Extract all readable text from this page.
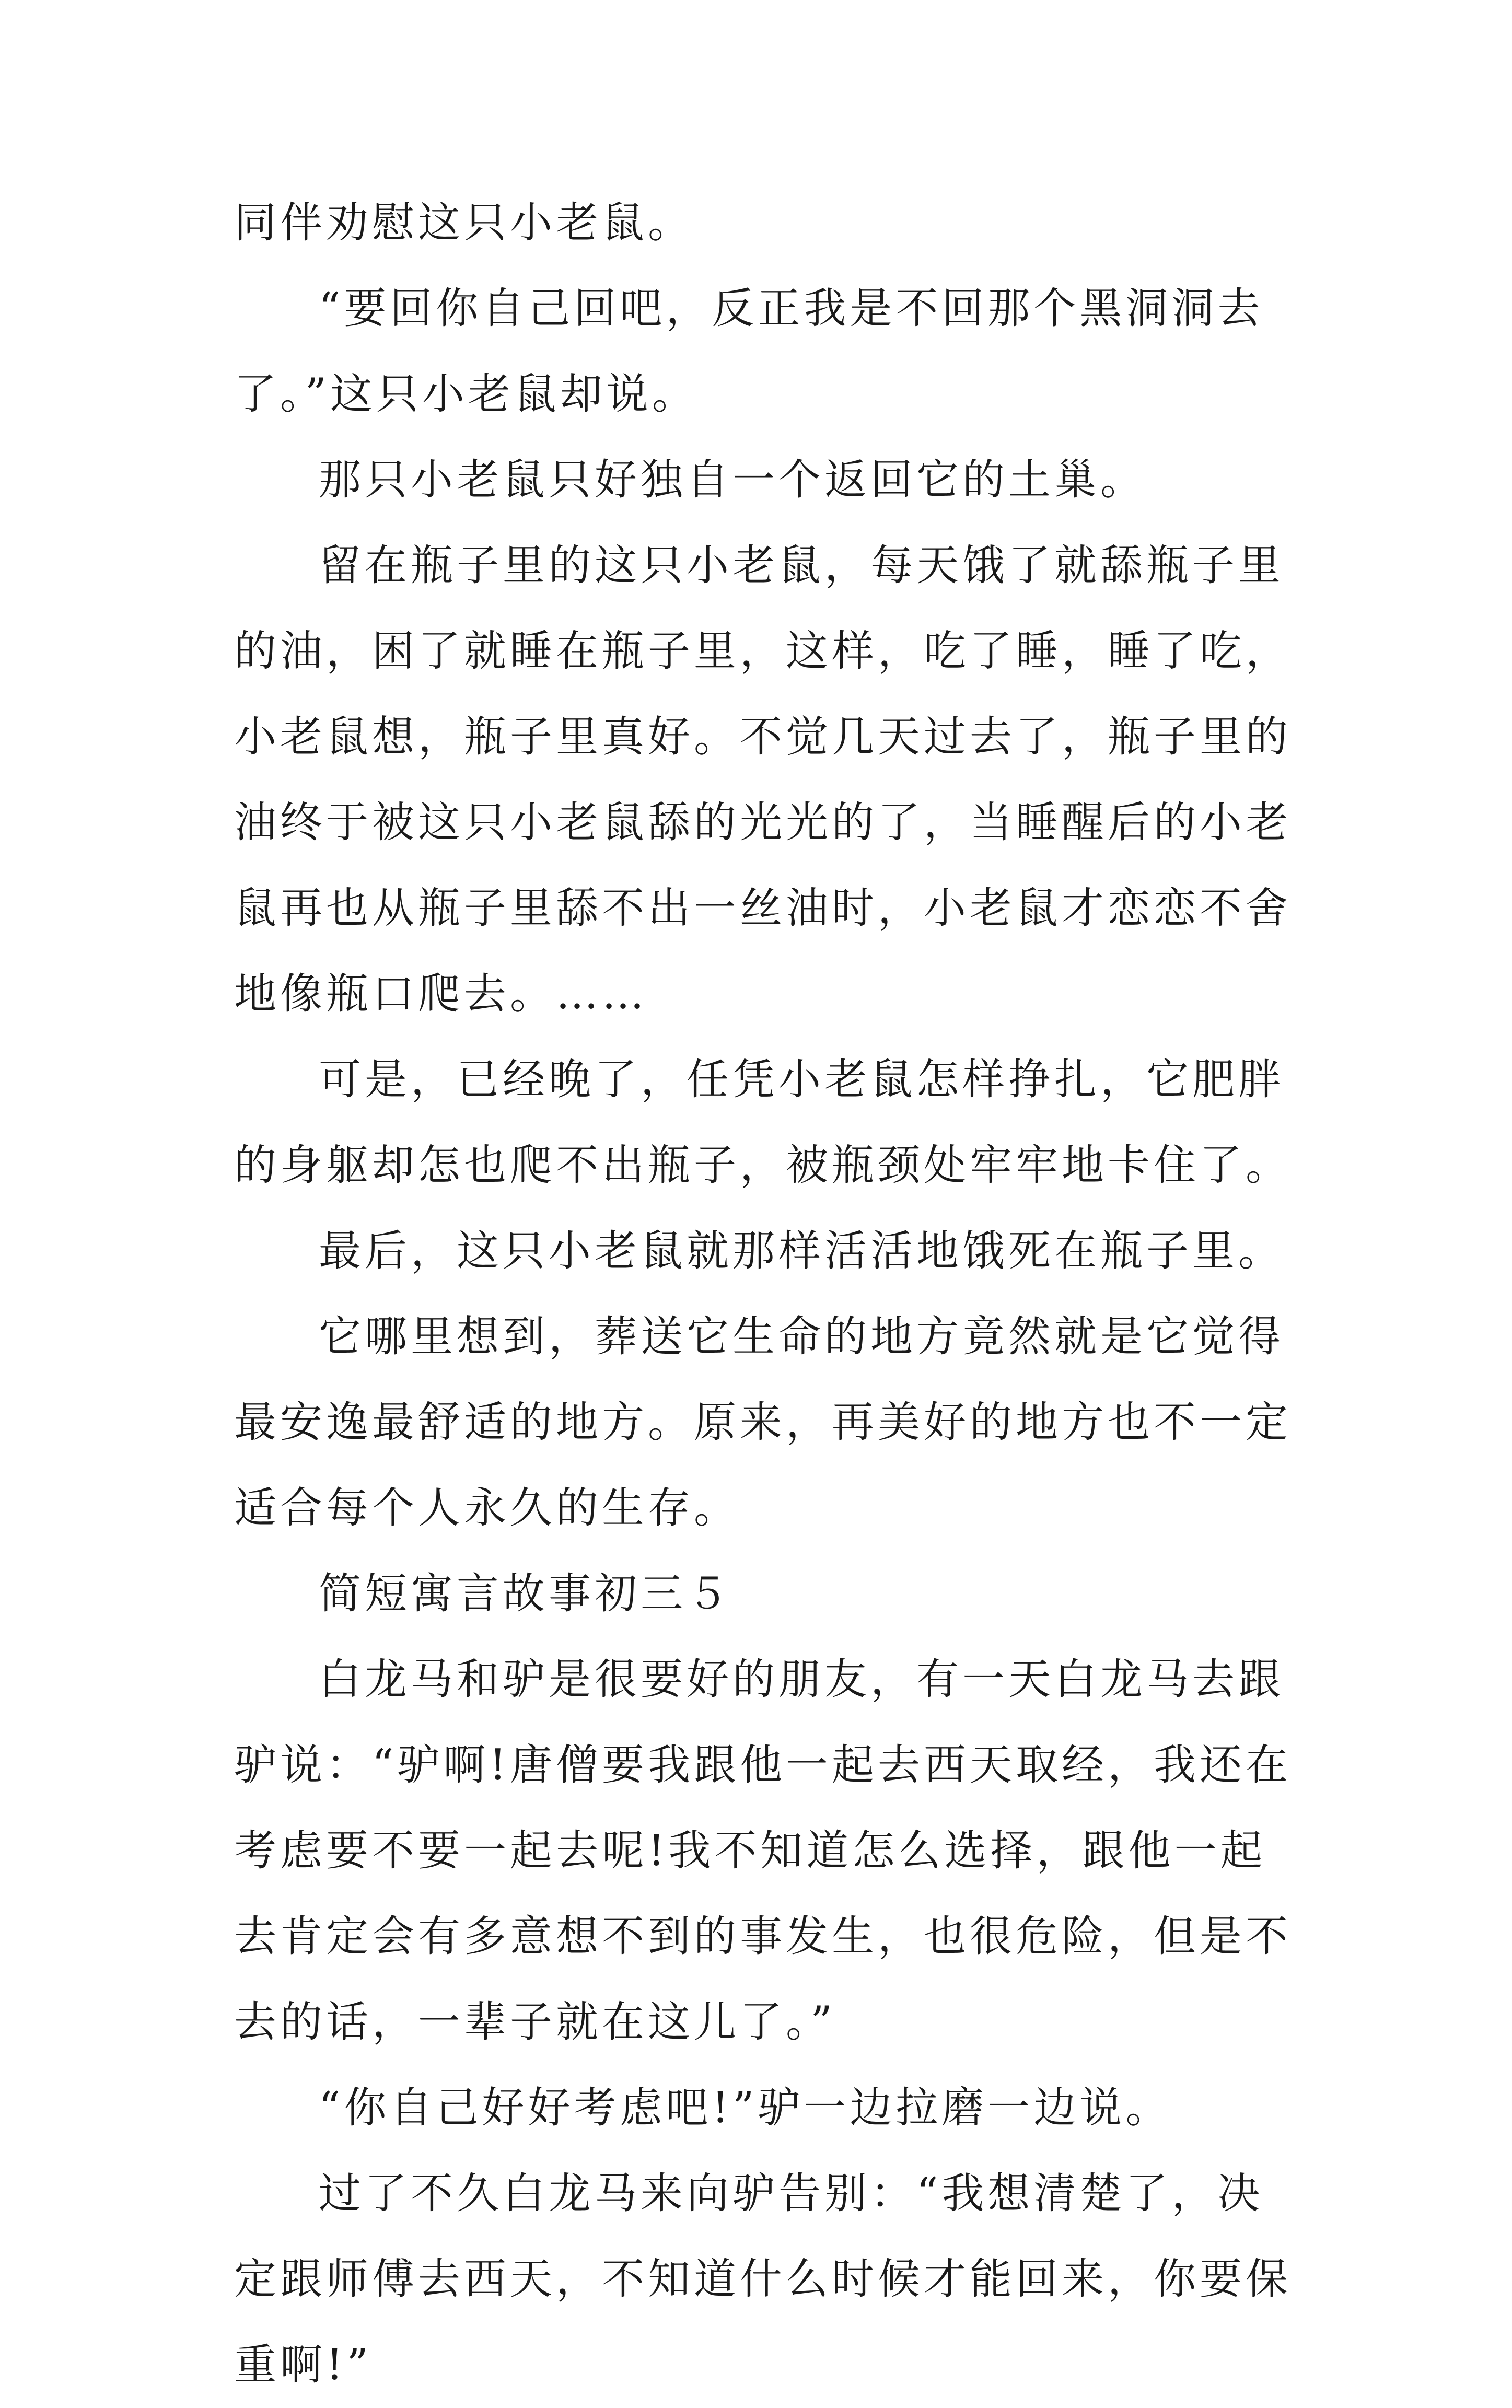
同伴劝慰这只小老鼠。

“要回你自己回吧，反正我是不回那个黑洞洞去了。”这只小老鼠却说。

那只小老鼠只好独自一个返回它的土巢。

留在瓶子里的这只小老鼠，每天饿了就舔瓶子里的油，困了就睡在瓶子里，这样，吃了睡，睡了吃，小老鼠想，瓶子里真好。不觉几天过去了，瓶子里的油终于被这只小老鼠舔的光光的了，当睡醒后的小老鼠再也从瓶子里舔不出一丝油时，小老鼠才恋恋不舍地像瓶口爬去。……

可是，已经晚了，任凭小老鼠怎样挣扎，它肥胖的身躯却怎也爬不出瓶子，被瓶颈处牢牢地卡住了。

最后，这只小老鼠就那样活活地饿死在瓶子里。

它哪里想到，葬送它生命的地方竟然就是它觉得最安逸最舒适的地方。原来，再美好的地方也不一定适合每个人永久的生存。

简短寓言故事初三５

白龙马和驴是很要好的朋友，有一天白龙马去跟驴说：“驴啊!唐僧要我跟他一起去西天取经，我还在考虑要不要一起去呢!我不知道怎么选择，跟他一起去肯定会有多意想不到的事发生，也很危险，但是不去的话，一辈子就在这儿了。”

“你自己好好考虑吧!”驴一边拉磨一边说。

过了不久白龙马来向驴告别：“我想清楚了，决定跟师傅去西天，不知道什么时候才能回来，你要保重啊!”
